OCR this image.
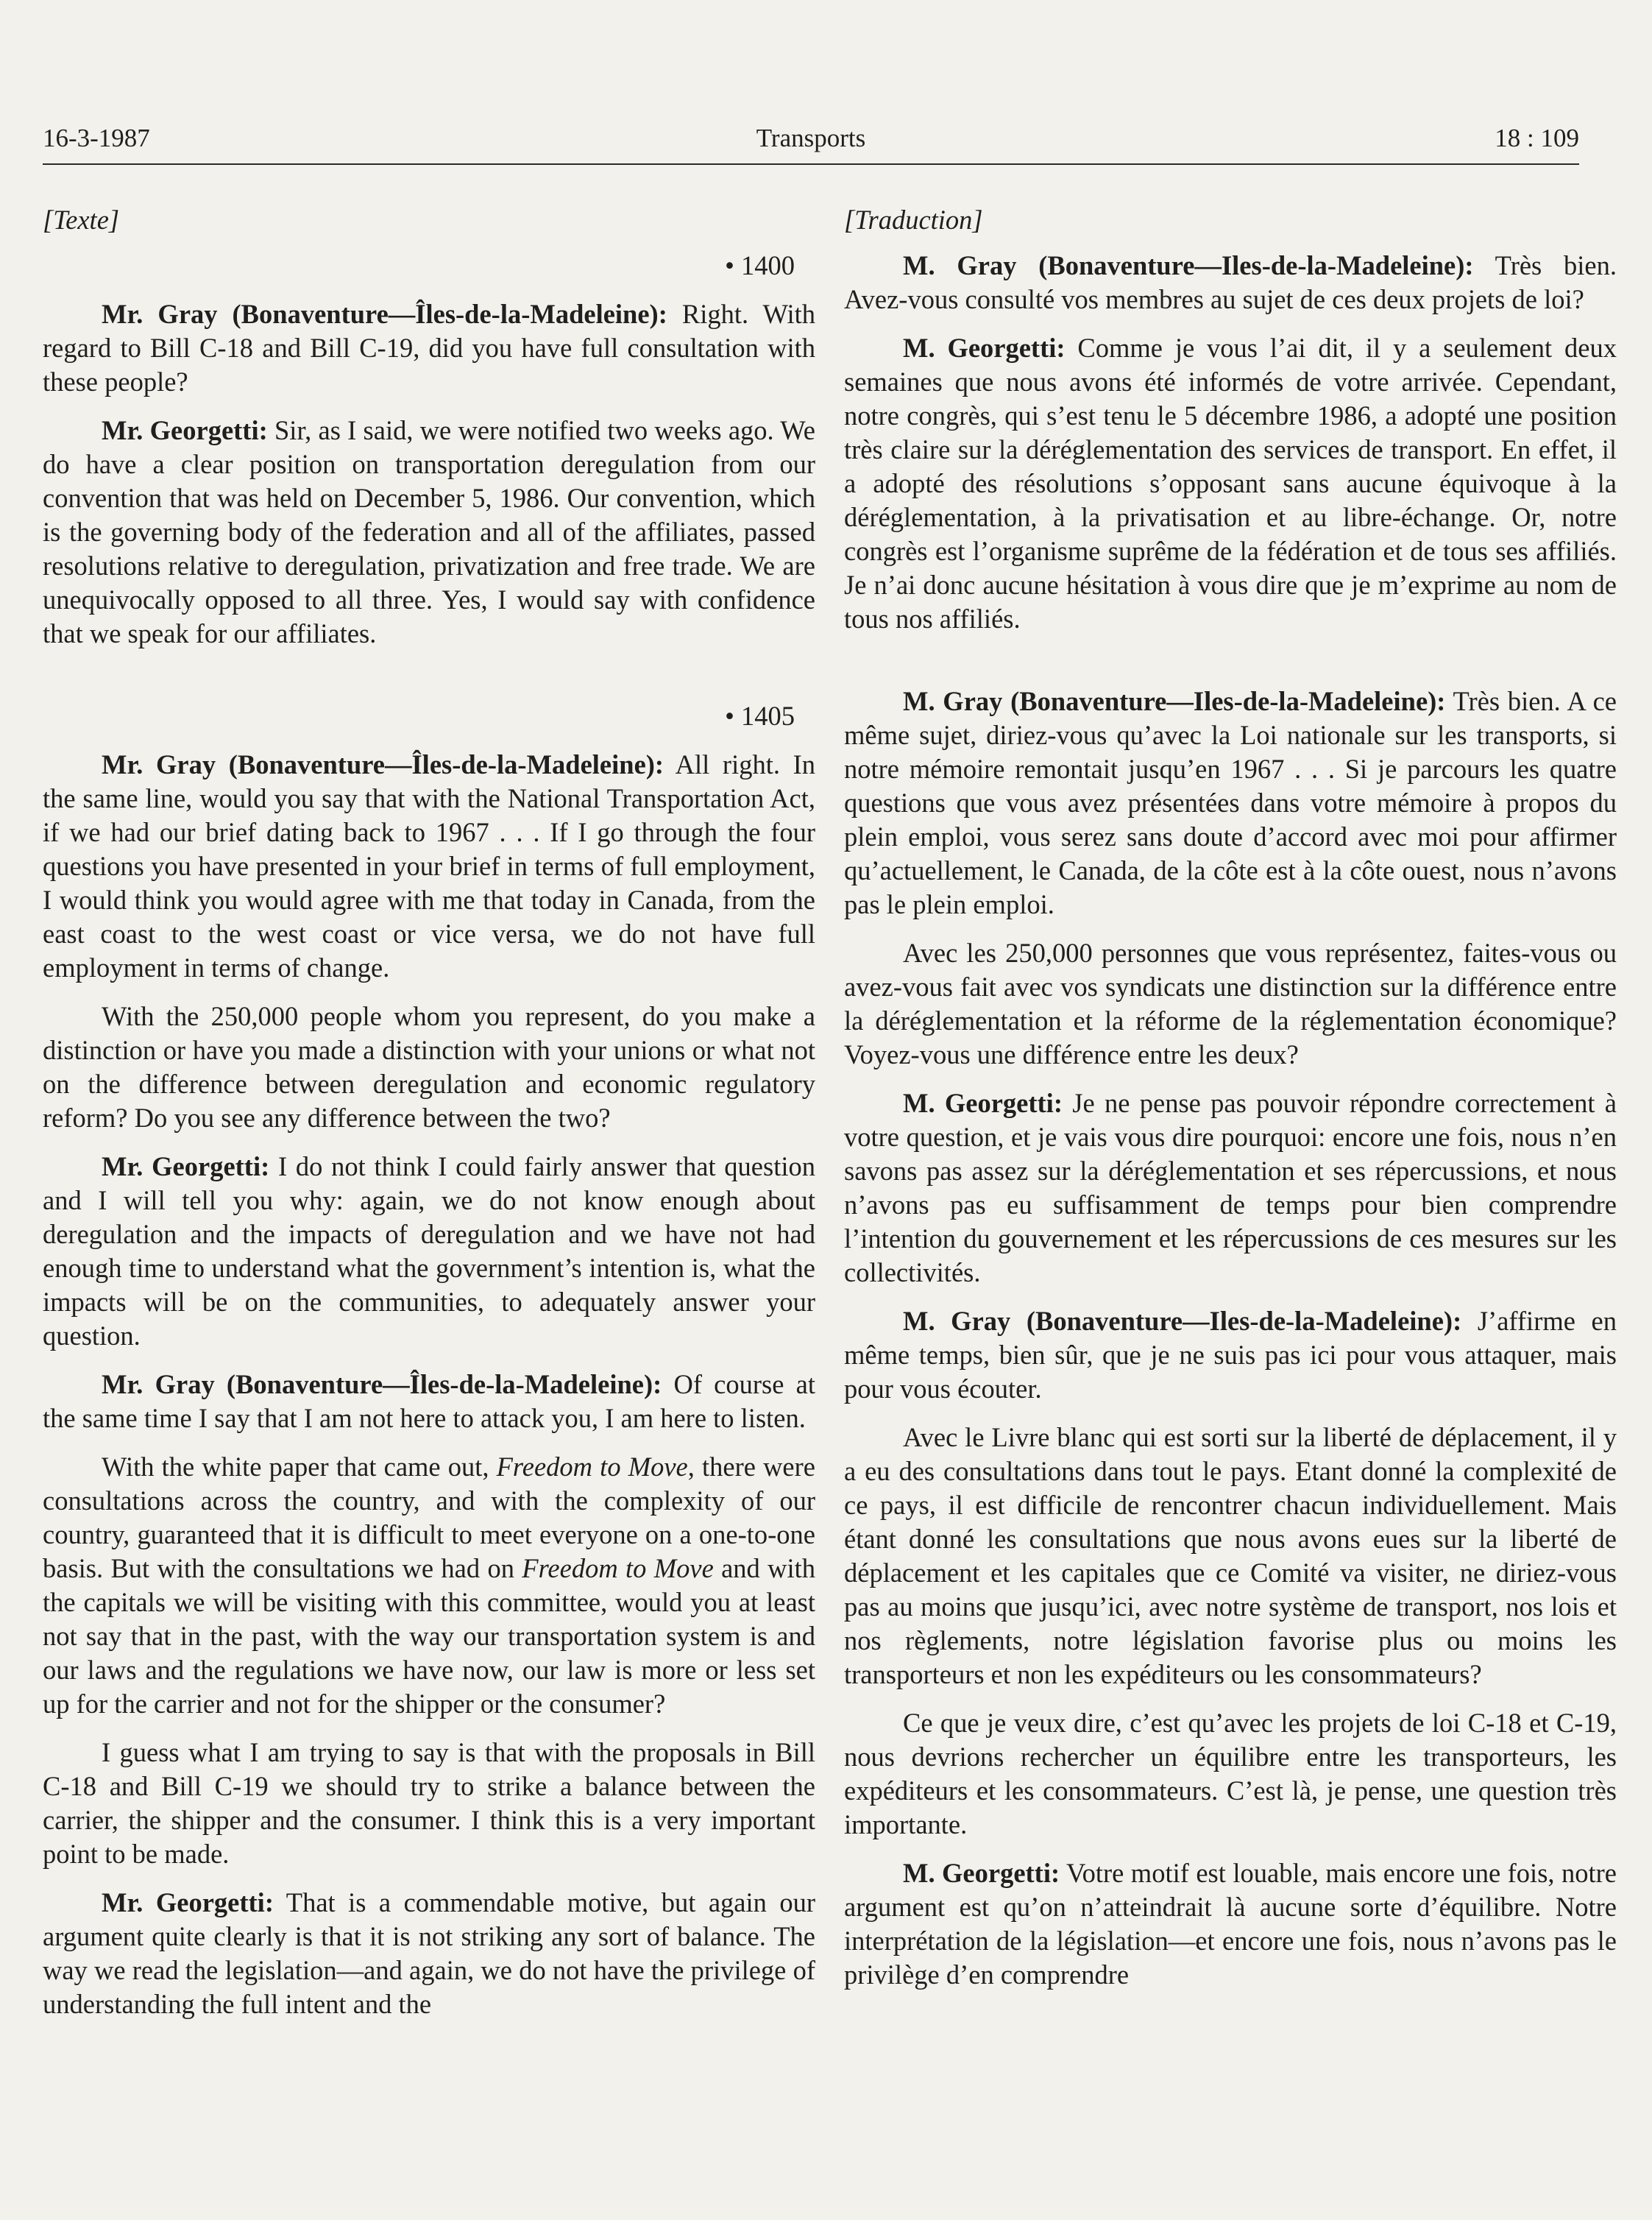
16-3-1987	Transports	18 : 109
[Texte]
• 1400
Mr. Gray (Bonaventure—Îles-de-la-Madeleine): Right. With regard to Bill C-18 and Bill C-19, did you have full consultation with these people?
Mr. Georgetti: Sir, as I said, we were notified two weeks ago. We do have a clear position on transportation deregulation from our convention that was held on December 5, 1986. Our convention, which is the governing body of the federation and all of the affiliates, passed resolutions relative to deregulation, privatization and free trade. We are unequivocally opposed to all three. Yes, I would say with confidence that we speak for our affiliates.
• 1405
Mr. Gray (Bonaventure—Îles-de-la-Madeleine): All right. In the same line, would you say that with the National Transportation Act, if we had our brief dating back to 1967 . . . If I go through the four questions you have presented in your brief in terms of full employment, I would think you would agree with me that today in Canada, from the east coast to the west coast or vice versa, we do not have full employment in terms of change.
With the 250,000 people whom you represent, do you make a distinction or have you made a distinction with your unions or what not on the difference between deregulation and economic regulatory reform? Do you see any difference between the two?
Mr. Georgetti: I do not think I could fairly answer that question and I will tell you why: again, we do not know enough about deregulation and the impacts of deregulation and we have not had enough time to understand what the government’s intention is, what the impacts will be on the communities, to adequately answer your question.
Mr. Gray (Bonaventure—Îles-de-la-Madeleine): Of course at the same time I say that I am not here to attack you, I am here to listen.
With the white paper that came out, Freedom to Move, there were consultations across the country, and with the complexity of our country, guaranteed that it is difficult to meet everyone on a one-to-one basis. But with the consultations we had on Freedom to Move and with the capitals we will be visiting with this committee, would you at least not say that in the past, with the way our transportation system is and our laws and the regulations we have now, our law is more or less set up for the carrier and not for the shipper or the consumer?
I guess what I am trying to say is that with the proposals in Bill C-18 and Bill C-19 we should try to strike a balance between the carrier, the shipper and the consumer. I think this is a very important point to be made.
Mr. Georgetti: That is a commendable motive, but again our argument quite clearly is that it is not striking any sort of balance. The way we read the legislation—and again, we do not have the privilege of understanding the full intent and the
[Traduction]
M. Gray (Bonaventure—Iles-de-la-Madeleine): Très bien. Avez-vous consulté vos membres au sujet de ces deux projets de loi?
M. Georgetti: Comme je vous l’ai dit, il y a seulement deux semaines que nous avons été informés de votre arrivée. Cependant, notre congrès, qui s’est tenu le 5 décembre 1986, a adopté une position très claire sur la déréglementation des services de transport. En effet, il a adopté des résolutions s’opposant sans aucune équivoque à la déréglementation, à la privatisation et au libre-échange. Or, notre congrès est l’organisme suprême de la fédération et de tous ses affiliés. Je n’ai donc aucune hésitation à vous dire que je m’exprime au nom de tous nos affiliés.
M. Gray (Bonaventure—Iles-de-la-Madeleine): Très bien. A ce même sujet, diriez-vous qu’avec la Loi nationale sur les transports, si notre mémoire remontait jusqu’en 1967 . . . Si je parcours les quatre questions que vous avez présentées dans votre mémoire à propos du plein emploi, vous serez sans doute d’accord avec moi pour affirmer qu’actuellement, le Canada, de la côte est à la côte ouest, nous n’avons pas le plein emploi.
Avec les 250,000 personnes que vous représentez, faites-vous ou avez-vous fait avec vos syndicats une distinction sur la différence entre la déréglementation et la réforme de la réglementation économique? Voyez-vous une différence entre les deux?
M. Georgetti: Je ne pense pas pouvoir répondre correctement à votre question, et je vais vous dire pourquoi: encore une fois, nous n’en savons pas assez sur la déréglementation et ses répercussions, et nous n’avons pas eu suffisamment de temps pour bien comprendre l’intention du gouvernement et les répercussions de ces mesures sur les collectivités.
M. Gray (Bonaventure—Iles-de-la-Madeleine): J’affirme en même temps, bien sûr, que je ne suis pas ici pour vous attaquer, mais pour vous écouter.
Avec le Livre blanc qui est sorti sur la liberté de déplacement, il y a eu des consultations dans tout le pays. Etant donné la complexité de ce pays, il est difficile de rencontrer chacun individuellement. Mais étant donné les consultations que nous avons eues sur la liberté de déplacement et les capitales que ce Comité va visiter, ne diriez-vous pas au moins que jusqu’ici, avec notre système de transport, nos lois et nos règlements, notre législation favorise plus ou moins les transporteurs et non les expéditeurs ou les consommateurs?
Ce que je veux dire, c’est qu’avec les projets de loi C-18 et C-19, nous devrions rechercher un équilibre entre les transporteurs, les expéditeurs et les consommateurs. C’est là, je pense, une question très importante.
M. Georgetti: Votre motif est louable, mais encore une fois, notre argument est qu’on n’atteindrait là aucune sorte d’équilibre. Notre interprétation de la législation—et encore une fois, nous n’avons pas le privilège d’en comprendre
